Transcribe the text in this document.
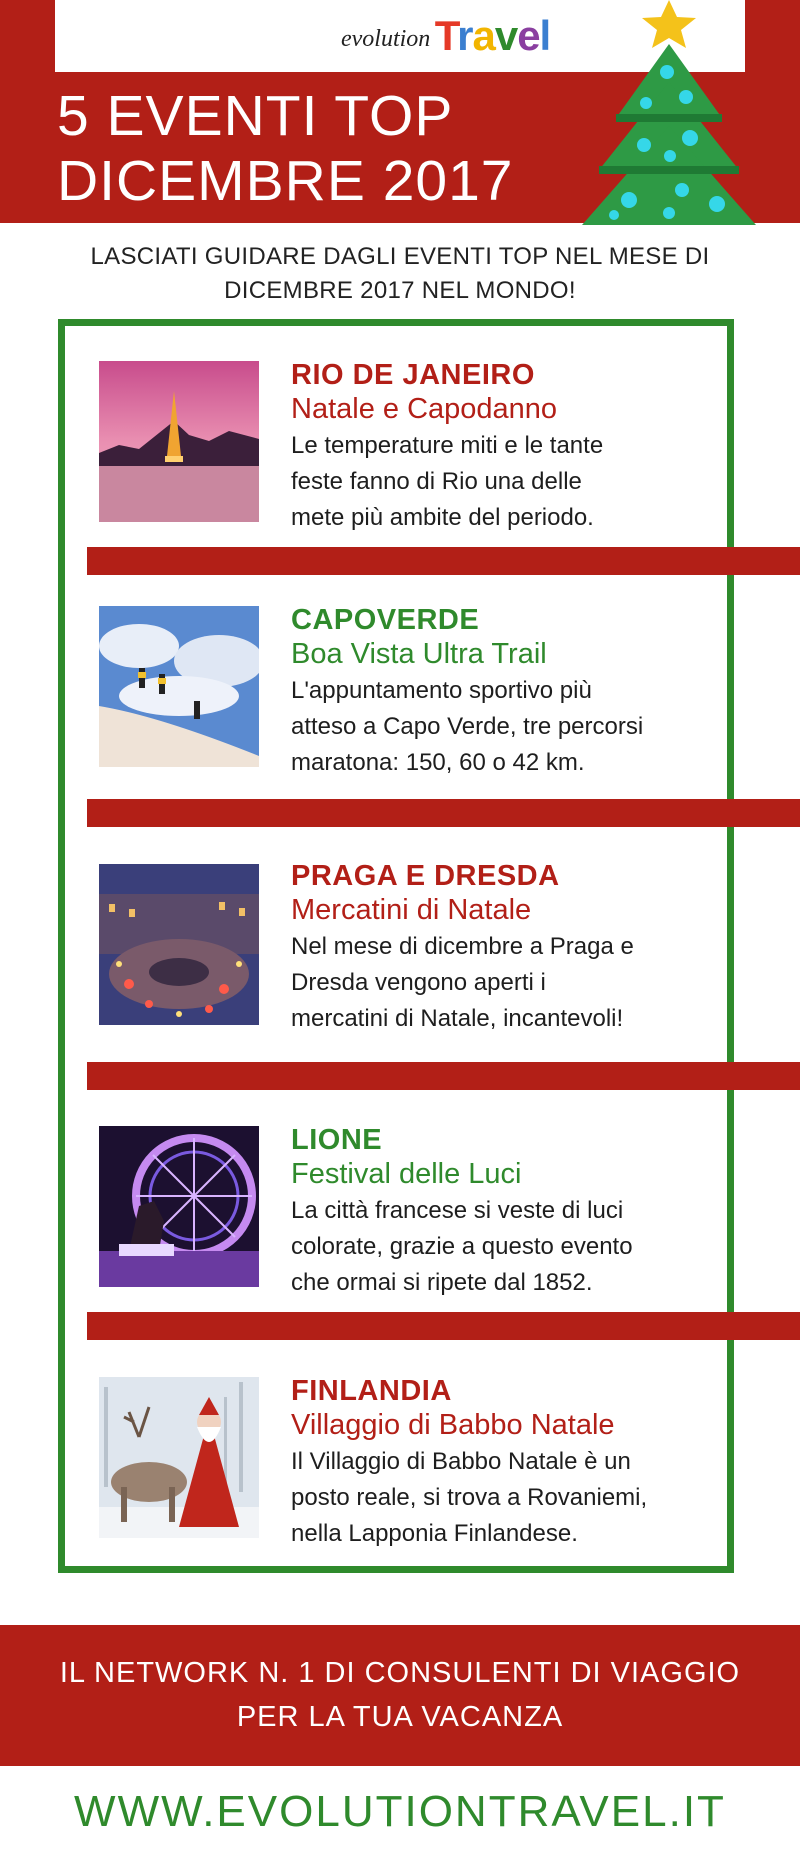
evolution Travel
5 EVENTI TOP
DICEMBRE 2017
LASCIATI GUIDARE DAGLI EVENTI TOP NEL MESE DI
DICEMBRE 2017 NEL MONDO!
RIO DE JANEIRO
Natale e Capodanno
Le temperature miti e le tante
feste fanno di Rio una delle
mete più ambite del periodo.
CAPOVERDE
Boa Vista Ultra Trail
L'appuntamento sportivo più
atteso a Capo Verde, tre percorsi
maratona: 150, 60 o 42 km.
PRAGA E DRESDA
Mercatini di Natale
Nel mese di dicembre a Praga e
Dresda vengono aperti i
mercatini di Natale, incantevoli!
LIONE
Festival delle Luci
La città francese si veste di luci
colorate, grazie a questo evento
che ormai si ripete dal 1852.
FINLANDIA
Villaggio di Babbo Natale
Il Villaggio di Babbo Natale è un
posto reale, si trova a Rovaniemi,
nella Lapponia Finlandese.
IL NETWORK N. 1 DI CONSULENTI DI VIAGGIO
PER LA TUA VACANZA
WWW.EVOLUTIONTRAVEL.IT
